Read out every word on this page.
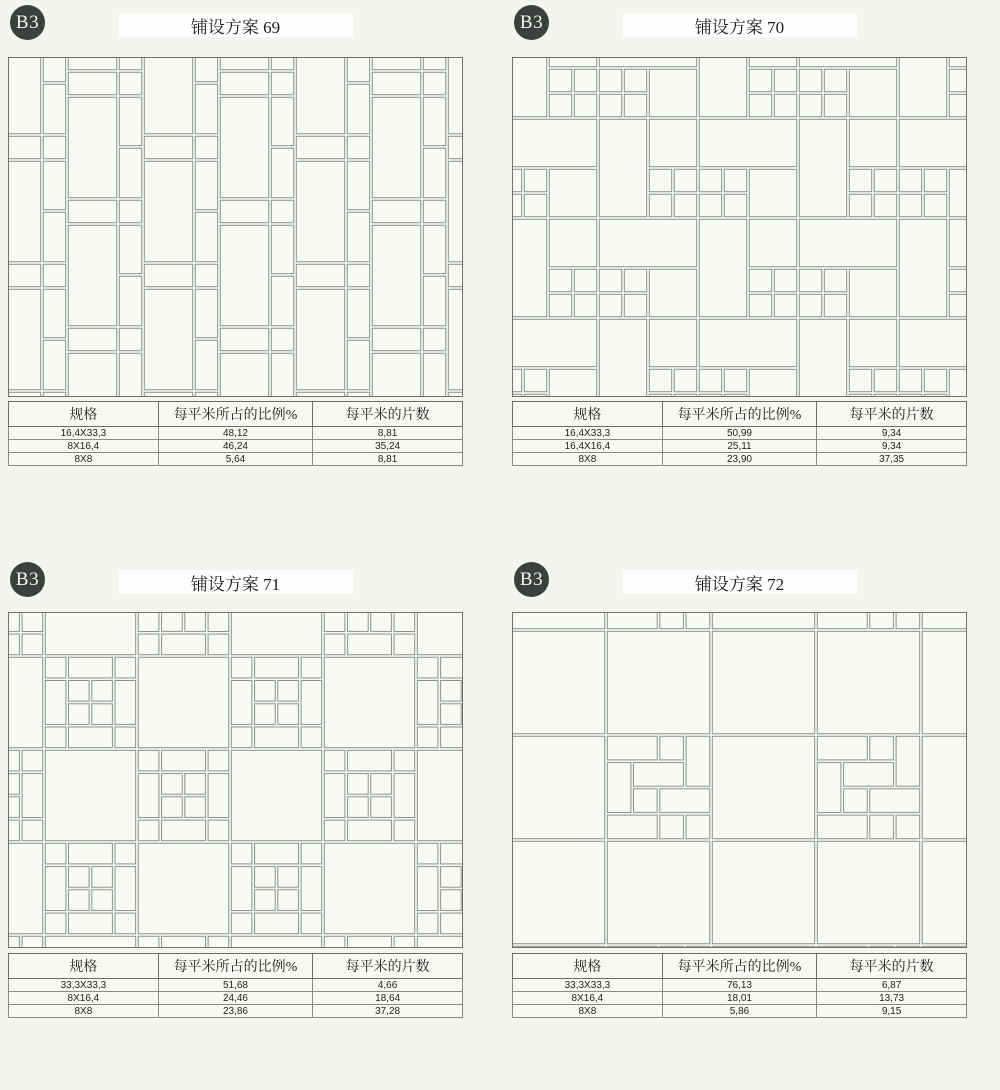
B3	铺设方案 69
规格	每平米所占的比例%	每平米的片数
16,4X33,3	48,12	8,81
8X16,4	46,24	35,24
8X8	5,64	8,81
B3	铺设方案 70
规格	每平米所占的比例%	每平米的片数
16,4X33,3	50,99	9,34
16,4X16,4	25,11	9,34
8X8	23,90	37,35
B3	铺设方案 71
规格	每平米所占的比例%	每平米的片数
33,3X33,3	51,68	4,66
8X16,4	24,46	18,64
8X8	23,86	37,28
B3	铺设方案 72
规格	每平米所占的比例%	每平米的片数
33,3X33,3	76,13	6,87
8X16,4	18,01	13,73
8X8	5,86	9,15
